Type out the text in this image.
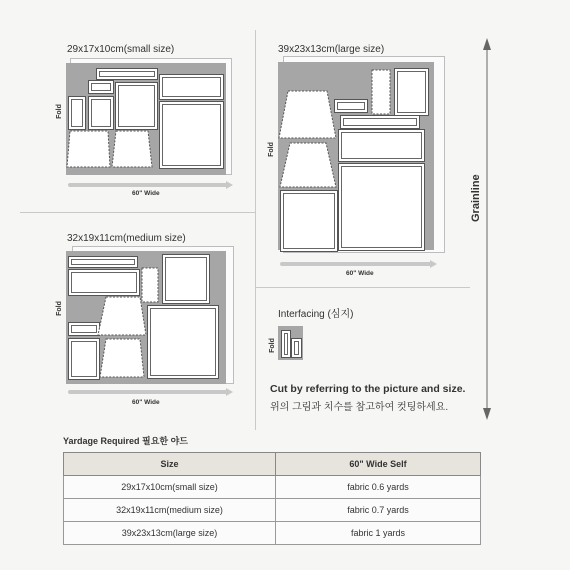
29x17x10cm(small size)
Fold
60" Wide
39x23x13cm(large size)
Fold
60" Wide
32x19x11cm(medium size)
Fold
60" Wide
Interfacing (심지)
Fold
Cut by referring to the picture and size.
위의 그림과 치수를 참고하여 컷팅하세요.
Grainline
Yardage Required 필요한 야드
Size	60" Wide Self
29x17x10cm(small size)	fabric 0.6 yards
32x19x11cm(medium size)	fabric 0.7 yards
39x23x13cm(large size)	fabric 1 yards
